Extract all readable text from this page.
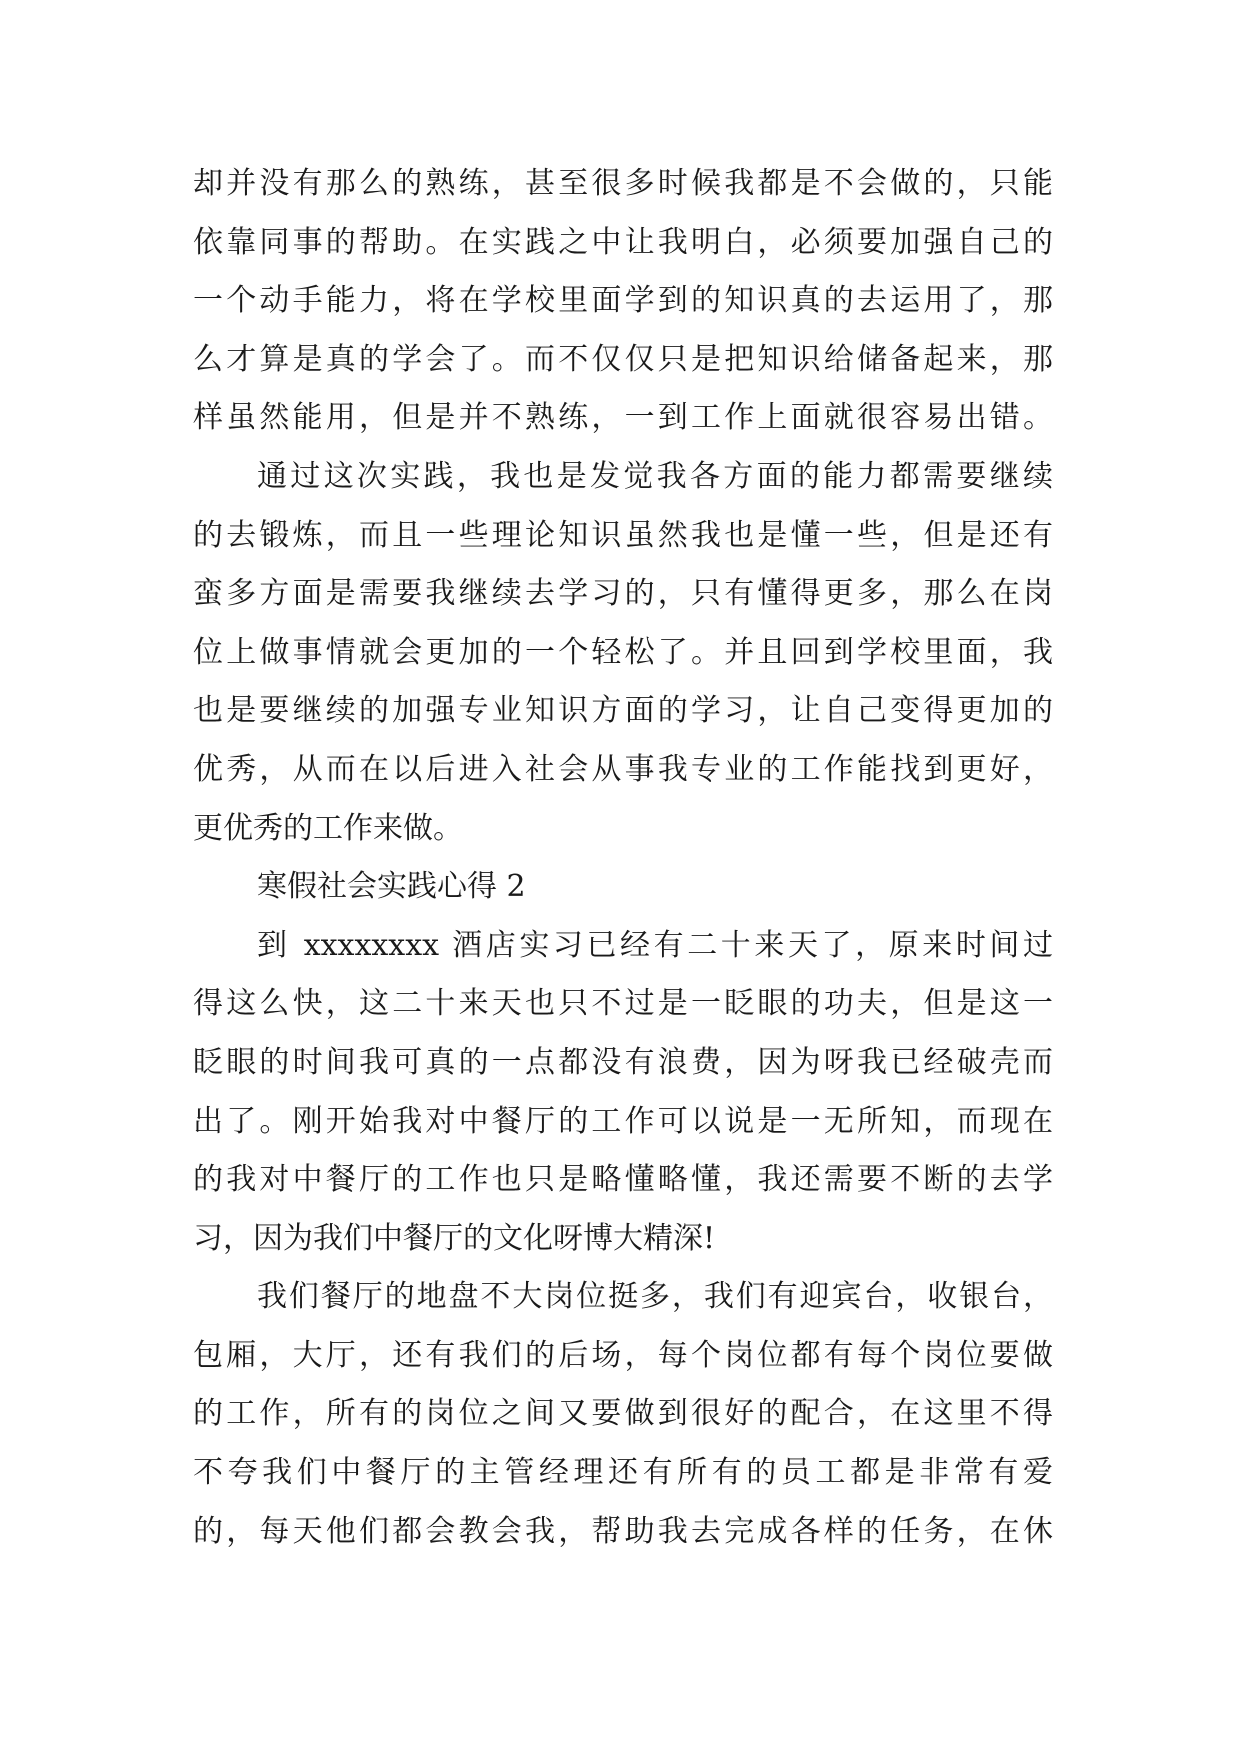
却并没有那么的熟练，甚至很多时候我都是不会做的，只能
依靠同事的帮助。在实践之中让我明白，必须要加强自己的
一个动手能力，将在学校里面学到的知识真的去运用了，那
么才算是真的学会了。而不仅仅只是把知识给储备起来，那
样虽然能用，但是并不熟练，一到工作上面就很容易出错。
通过这次实践，我也是发觉我各方面的能力都需要继续
的去锻炼，而且一些理论知识虽然我也是懂一些，但是还有
蛮多方面是需要我继续去学习的，只有懂得更多，那么在岗
位上做事情就会更加的一个轻松了。并且回到学校里面，我
也是要继续的加强专业知识方面的学习，让自己变得更加的
优秀，从而在以后进入社会从事我专业的工作能找到更好，
更优秀的工作来做。
寒假社会实践心得 2
到 xxxxxxxx 酒店实习已经有二十来天了，原来时间过
得这么快，这二十来天也只不过是一眨眼的功夫，但是这一
眨眼的时间我可真的一点都没有浪费，因为呀我已经破壳而
出了。刚开始我对中餐厅的工作可以说是一无所知，而现在
的我对中餐厅的工作也只是略懂略懂，我还需要不断的去学
习，因为我们中餐厅的文化呀博大精深!
我们餐厅的地盘不大岗位挺多，我们有迎宾台，收银台，
包厢，大厅，还有我们的后场，每个岗位都有每个岗位要做
的工作，所有的岗位之间又要做到很好的配合，在这里不得
不夸我们中餐厅的主管经理还有所有的员工都是非常有爱
的，每天他们都会教会我，帮助我去完成各样的任务，在休
